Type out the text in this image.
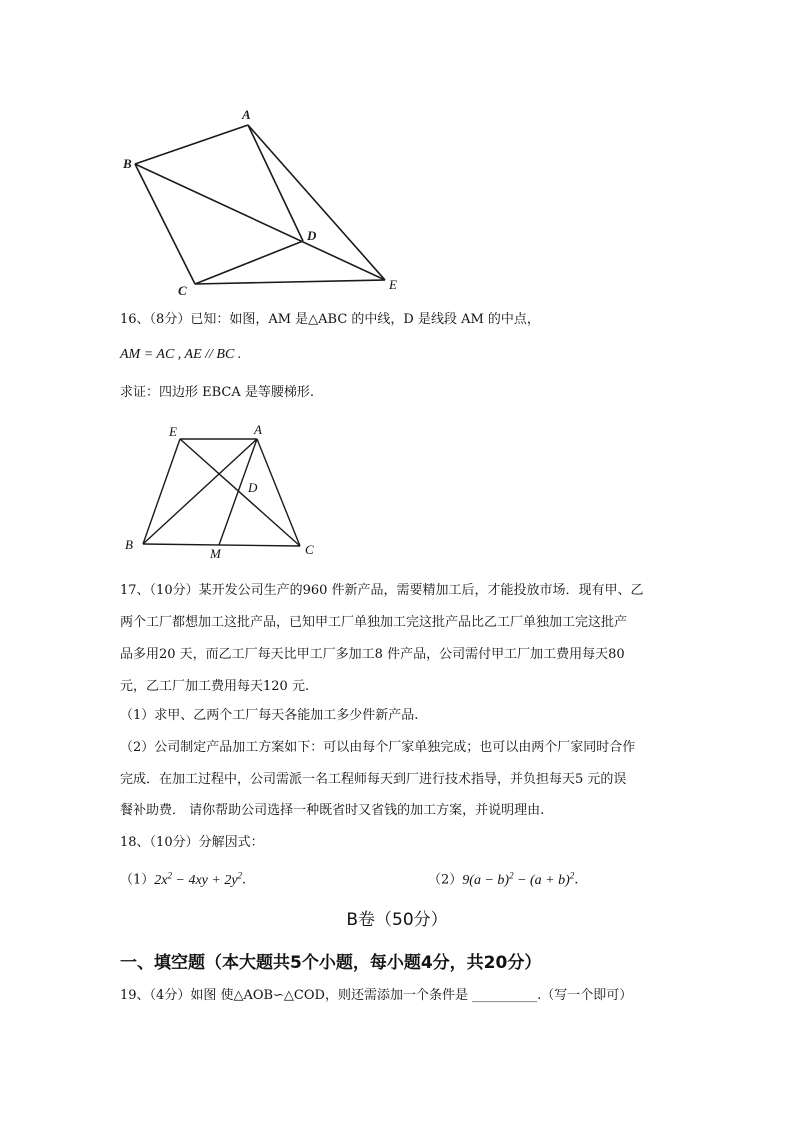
A
B
C
D
E
16、（8分）已知：如图，AM 是△ABC 的中线，D 是线段 AM 的中点，
AM = AC , AE // BC .
求证：四边形 EBCA 是等腰梯形.
E	A
D
B
M	C
17、（10分）某开发公司生产的960 件新产品，需要精加工后，才能投放市场．现有甲、乙
两个工厂都想加工这批产品，已知甲工厂单独加工完这批产品比乙工厂单独加工完这批产
品多用20 天，而乙工厂每天比甲工厂多加工8 件产品，公司需付甲工厂加工费用每天80
元，乙工厂加工费用每天120 元.
（1）求甲、乙两个工厂每天各能加工多少件新产品.
（2）公司制定产品加工方案如下：可以由每个厂家单独完成；也可以由两个厂家同时合作
完成．在加工过程中，公司需派一名工程师每天到厂进行技术指导，并负担每天5 元的误
餐补助费． 请你帮助公司选择一种既省时又省钱的加工方案，并说明理由.
18、（10分）分解因式：
$(1)2x^2 - 4xy + 2y^2$.	$(2)9(a - b)^2 - (a + b)^2$.
B卷（50分）
一、填空题（本大题共5个小题，每小题4分，共20分）
19、（4分）如图 使△AOB∽△COD，则还需添加一个条件是 __________.（写一个即可）
